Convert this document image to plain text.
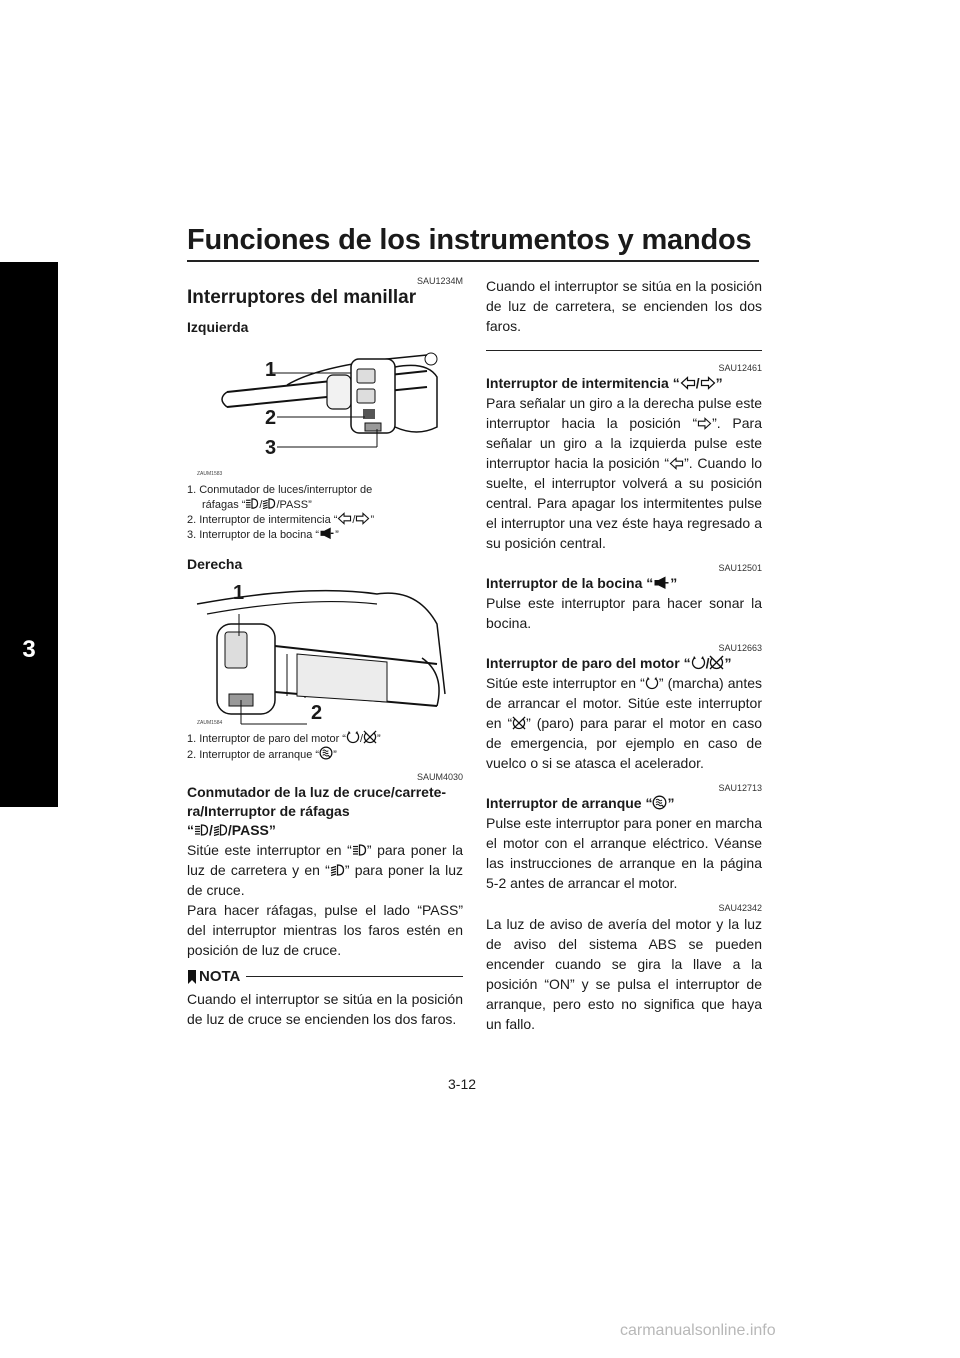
Funciones de los instrumentos y mandos
3
SAU1234M
Interruptores del manillar
Izquierda
1
2
3
ZAUM1583

1. Conmutador de luces/interruptor de

ráfagas “ / /PASS”

2. Interruptor de intermitencia “ / ”

3. Interruptor de la bocina “ ”

Derecha
1
2
ZAUM1584

1. Interruptor de paro del motor “ / ”

2. Interruptor de arranque “ ”

SAUM4030
Conmutador de la luz de cruce/carrete-
ra/Interruptor de ráfagas
“ / /PASS”

Sitúe este interruptor en “ ” para poner la luz de carretera y en “ ” para poner la luz de cruce.

Para hacer ráfagas, pulse el lado “PASS” del interruptor mientras los faros estén en posición de luz de cruce.

NOTA

Cuando el interruptor se sitúa en la posición de luz de cruce se encienden los dos faros.

Cuando el interruptor se sitúa en la posición de luz de carretera, se encienden los dos faros.

SAU12461
Interruptor de intermitencia “ / ”

Para señalar un giro a la derecha pulse este interruptor hacia la posición “ ”. Para señalar un giro a la izquierda pulse este interruptor hacia la posición “ ”. Cuando lo suelte, el interruptor volverá a su posición central. Para apagar los intermitentes pulse el interruptor una vez éste haya regresado a su posición central.

SAU12501
Interruptor de la bocina “ ”

Pulse este interruptor para hacer sonar la bocina.

SAU12663
Interruptor de paro del motor “ / ”

Sitúe este interruptor en “ ” (marcha) antes de arrancar el motor. Sitúe este interruptor en “ ” (paro) para parar el motor en caso de emergencia, por ejemplo en caso de vuelco o si se atasca el acelerador.

SAU12713
Interruptor de arranque “ ”

Pulse este interruptor para poner en marcha el motor con el arranque eléctrico. Véanse las instrucciones de arranque en la página 5-2 antes de arrancar el motor.

SAU42342

La luz de aviso de avería del motor y la luz de aviso del sistema ABS se pueden encender cuando se gira la llave a la posición “ON” y se pulsa el interruptor de arranque, pero esto no significa que haya un fallo.

3-12
carmanualsonline.info
